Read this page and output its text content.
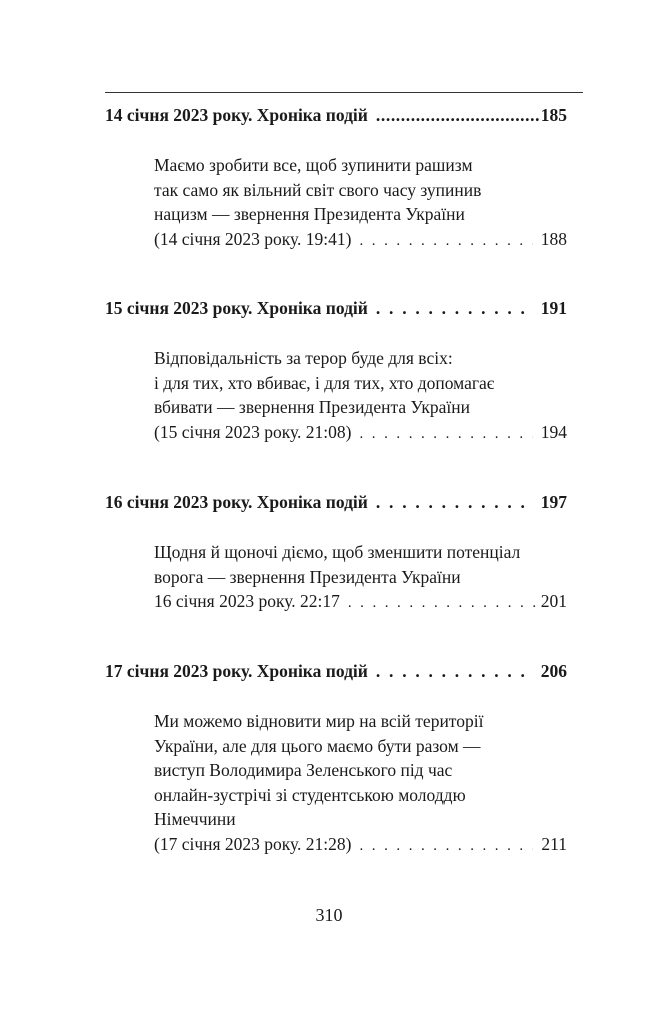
14 січня 2023 року. Хроніка подій .....	185
Маємо зробити все, щоб зупинити рашизм
так само як вільний світ свого часу зупинив
нацизм — звернення Президента України
(14 січня 2023 року. 19:41) . . .	188
15 січня 2023 року. Хроніка подій . . .	191
Відповідальність за терор буде для всіх:
і для тих, хто вбиває, і для тих, хто допомагає
вбивати — звернення Президента України
(15 січня 2023 року. 21:08) . . .	194
16 січня 2023 року. Хроніка подій . . .	197
Щодня й щоночі діємо, щоб зменшити потенціал
ворога — звернення Президента України
16 січня 2023 року. 22:17 . . .	201
17 січня 2023 року. Хроніка подій . . .	206
Ми можемо відновити мир на всій території
України, але для цього маємо бути разом —
виступ Володимира Зеленського під час
онлайн-зустрічі зі студентською молоддю
Німеччини
(17 січня 2023 року. 21:28) . . .	211
310
